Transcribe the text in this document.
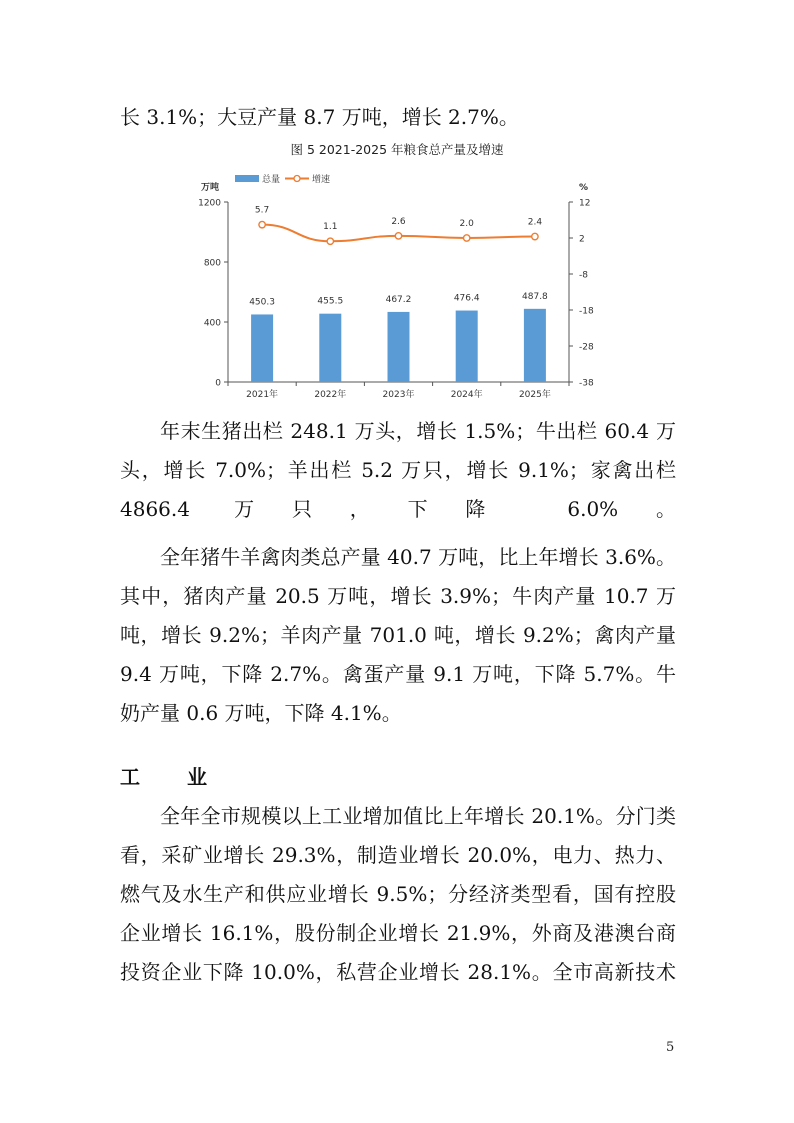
长 3.1%；大豆产量 8.7 万吨，增长 2.7%。

图 5 2021-2025 年粮食总产量及增速
0
400
800
1200	12
2
-8
-18
-28
-38
2021年	2022年	2023年	2024年	2025年
万吨	%
450.3	455.5	467.2	476.4	487.8
5.7
1.1
2.6	2.0	2.4
总量	增速

年末生猪出栏 248.1 万头，增长 1.5%；牛出栏 60.4 万头，增长 7.0%；羊出栏 5.2 万只，增长 9.1%；家禽出栏 4866.4 万只，下降 6.0%。

全年猪牛羊禽肉类总产量 40.7 万吨，比上年增长 3.6%。其中，猪肉产量 20.5 万吨，增长 3.9%；牛肉产量 10.7 万吨，增长 9.2%；羊肉产量 701.0 吨，增长 9.2%；禽肉产量 9.4 万吨，下降 2.7%。禽蛋产量 9.1 万吨，下降 5.7%。牛奶产量 0.6 万吨，下降 4.1%。

工 业

全年全市规模以上工业增加值比上年增长 20.1%。分门类看，采矿业增长 29.3%，制造业增长 20.0%，电力、热力、燃气及水生产和供应业增长 9.5%；分经济类型看，国有控股企业增长 16.1%，股份制企业增长 21.9%，外商及港澳台商投资企业下降 10.0%，私营企业增长 28.1%。全市高新技术

5
